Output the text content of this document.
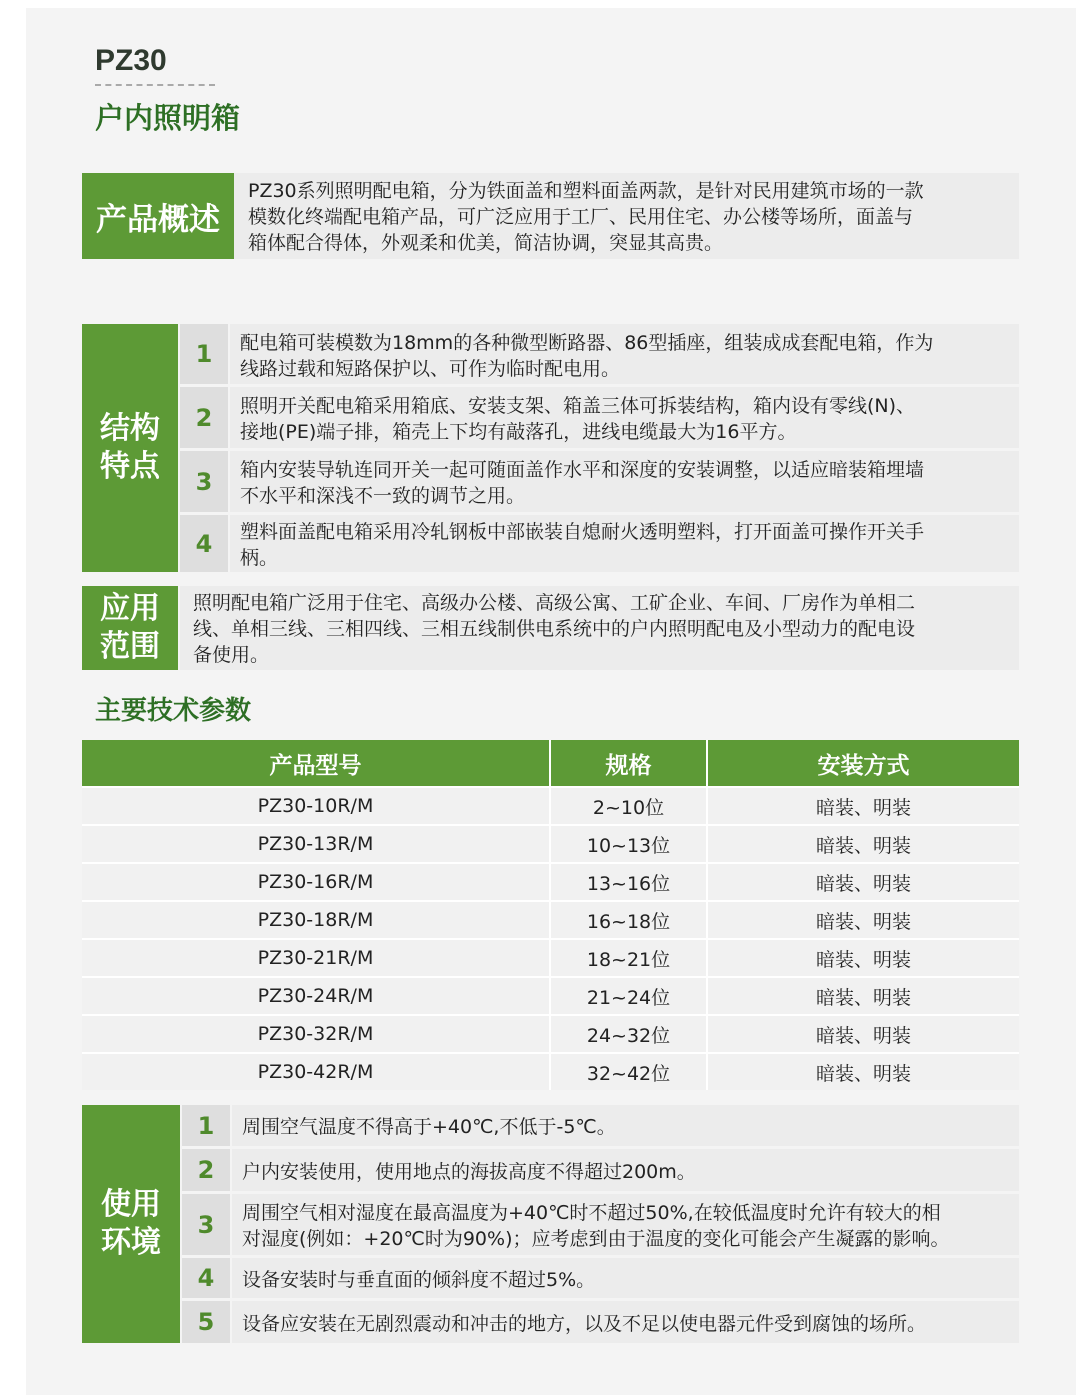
PZ30
户内照明箱
产品概述
PZ30系列照明配电箱，分为铁面盖和塑料面盖两款，是针对民用建筑市场的一款
模数化终端配电箱产品，可广泛应用于工厂、民用住宅、办公楼等场所，面盖与
箱体配合得体，外观柔和优美，简洁协调，突显其高贵。
结构
特点
1	配电箱可装模数为18mm的各种微型断路器、86型插座，组装成成套配电箱，作为
线路过载和短路保护以、可作为临时配电用。
2	照明开关配电箱采用箱底、安装支架、箱盖三体可拆装结构，箱内设有零线(N)、
接地(PE)端子排，箱壳上下均有敲落孔，进线电缆最大为16平方。
3	箱内安装导轨连同开关一起可随面盖作水平和深度的安装调整，以适应暗装箱埋墙
不水平和深浅不一致的调节之用。
4	塑料面盖配电箱采用冷轧钢板中部嵌装自熄耐火透明塑料，打开面盖可操作开关手
柄。
应用
范围
照明配电箱广泛用于住宅、高级办公楼、高级公寓、工矿企业、车间、厂房作为单相二
线、单相三线、三相四线、三相五线制供电系统中的户内照明配电及小型动力的配电设
备使用。
主要技术参数
产品型号	规格	安装方式
PZ30-10R/M	2~10位	暗装、明装
PZ30-13R/M	10~13位	暗装、明装
PZ30-16R/M	13~16位	暗装、明装
PZ30-18R/M	16~18位	暗装、明装
PZ30-21R/M	18~21位	暗装、明装
PZ30-24R/M	21~24位	暗装、明装
PZ30-32R/M	24~32位	暗装、明装
PZ30-42R/M	32~42位	暗装、明装
使用
环境
1	周围空气温度不得高于+40℃,不低于-5℃。
2	户内安装使用，使用地点的海拔高度不得超过200m。
3	周围空气相对湿度在最高温度为+40℃时不超过50%,在较低温度时允许有较大的相
对湿度(例如：+20℃时为90%)；应考虑到由于温度的变化可能会产生凝露的影响。
4	设备安装时与垂直面的倾斜度不超过5%。
5	设备应安装在无剧烈震动和冲击的地方，以及不足以使电器元件受到腐蚀的场所。
